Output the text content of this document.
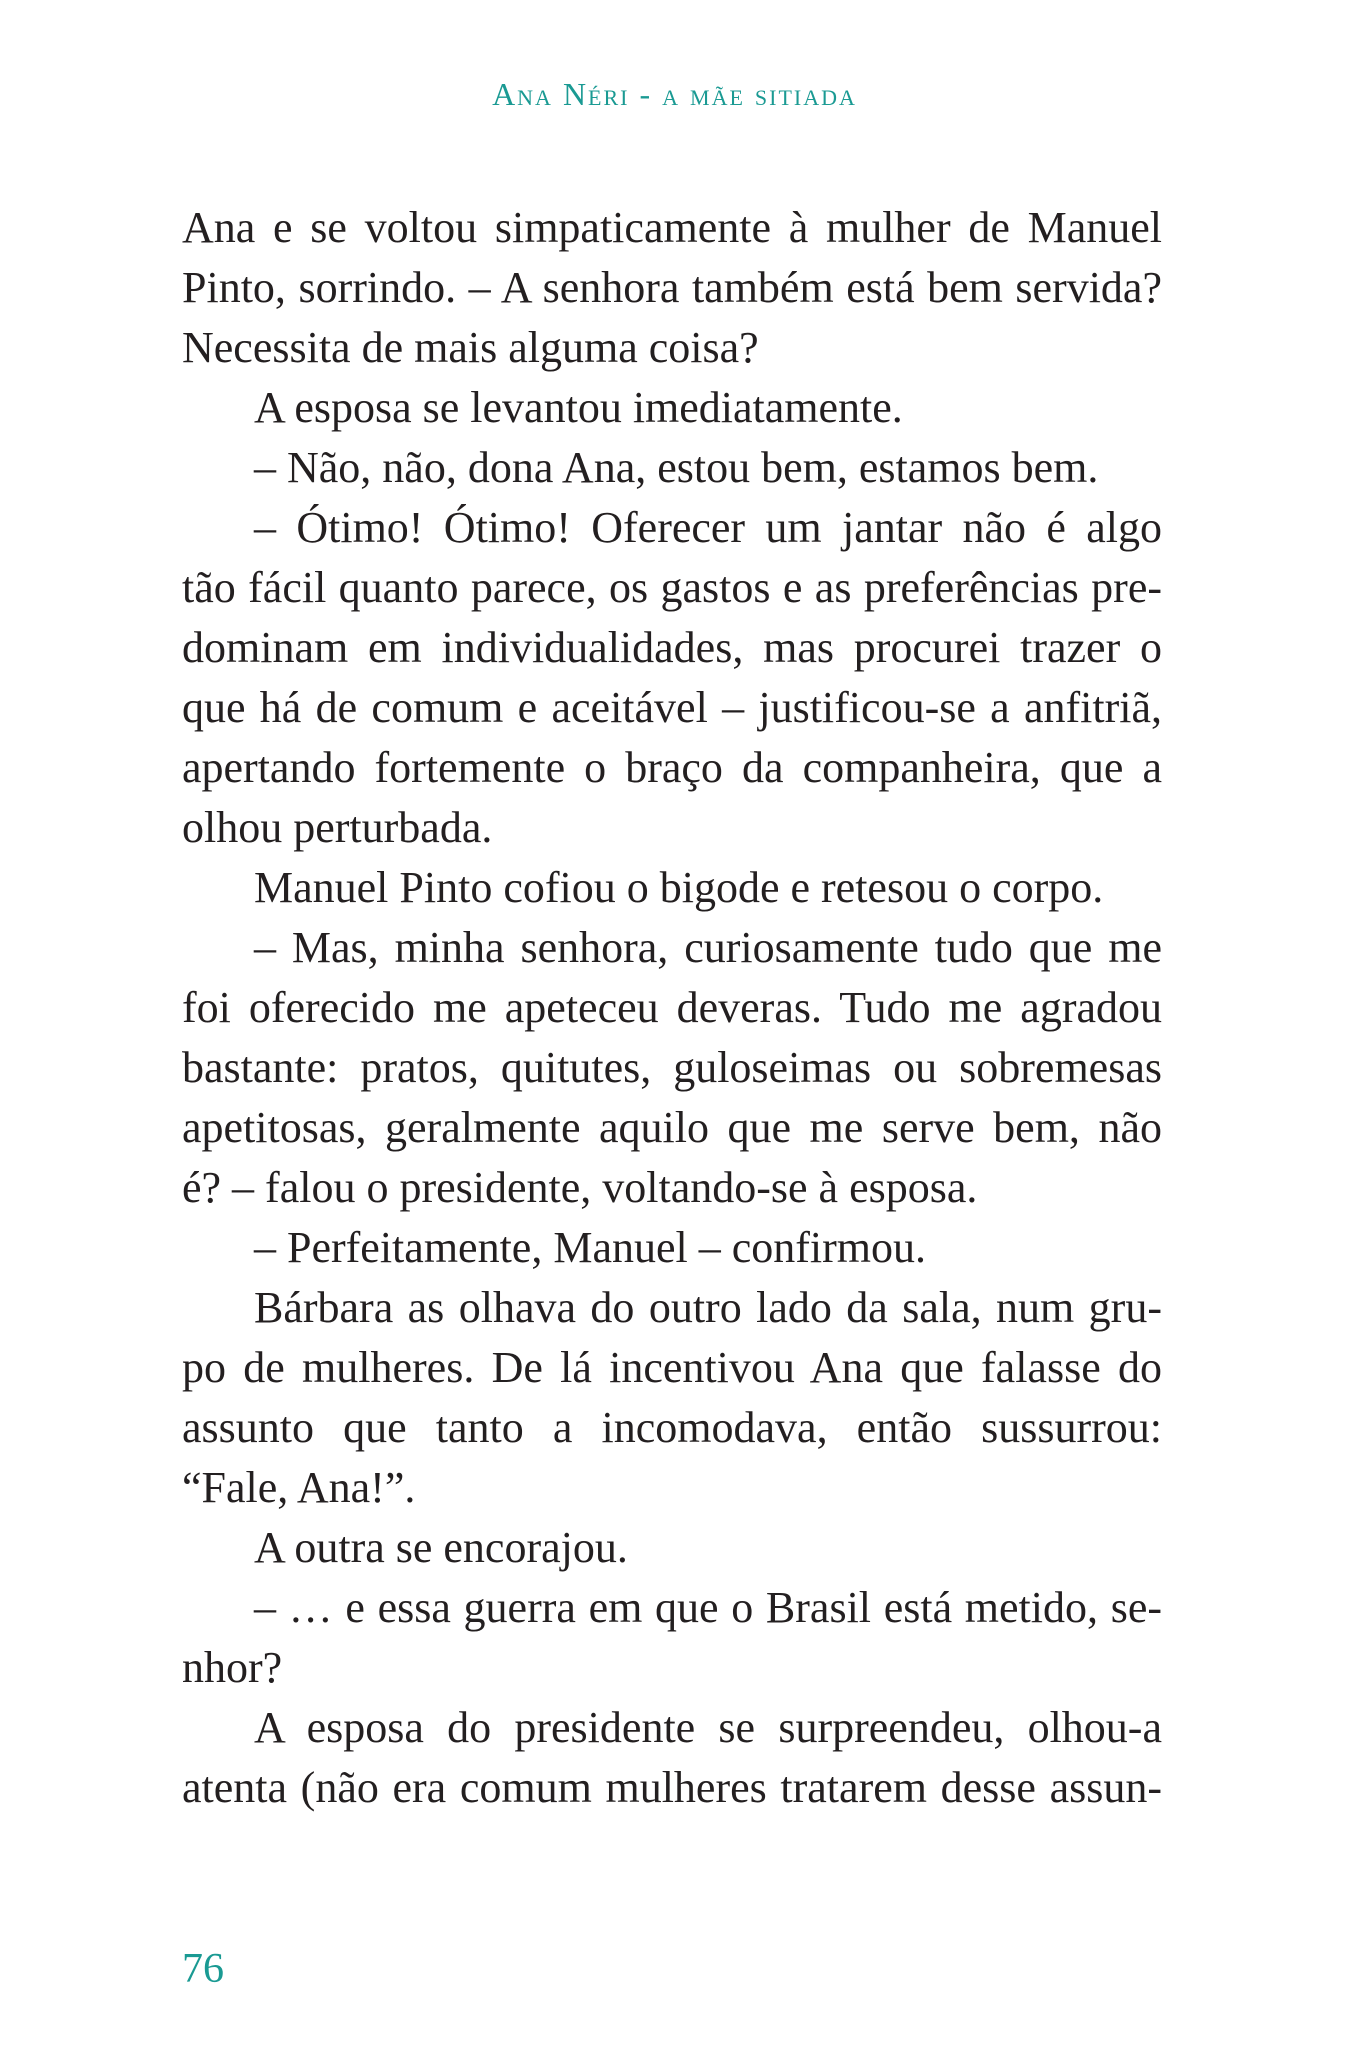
Ana Néri - a mãe sitiada
Ana e se voltou simpaticamente à mulher de Manuel
Pinto, sorrindo. – A senhora também está bem servida?
Necessita de mais alguma coisa?
A esposa se levantou imediatamente.
– Não, não, dona Ana, estou bem, estamos bem.
– Ótimo! Ótimo! Oferecer um jantar não é algo
tão fácil quanto parece, os gastos e as preferências pre-
dominam em individualidades, mas procurei trazer o
que há de comum e aceitável – justificou-se a anfitriã,
apertando fortemente o braço da companheira, que a
olhou perturbada.
Manuel Pinto cofiou o bigode e retesou o corpo.
– Mas, minha senhora, curiosamente tudo que me
foi oferecido me apeteceu deveras. Tudo me agradou
bastante: pratos, quitutes, guloseimas ou sobremesas
apetitosas, geralmente aquilo que me serve bem, não
é? – falou o presidente, voltando-se à esposa.
– Perfeitamente, Manuel – confirmou.
Bárbara as olhava do outro lado da sala, num gru-
po de mulheres. De lá incentivou Ana que falasse do
assunto que tanto a incomodava, então sussurrou:
“Fale, Ana!”.
A outra se encorajou.
– … e essa guerra em que o Brasil está metido, se-
nhor?
A esposa do presidente se surpreendeu, olhou-a
atenta (não era comum mulheres tratarem desse assun-
76
